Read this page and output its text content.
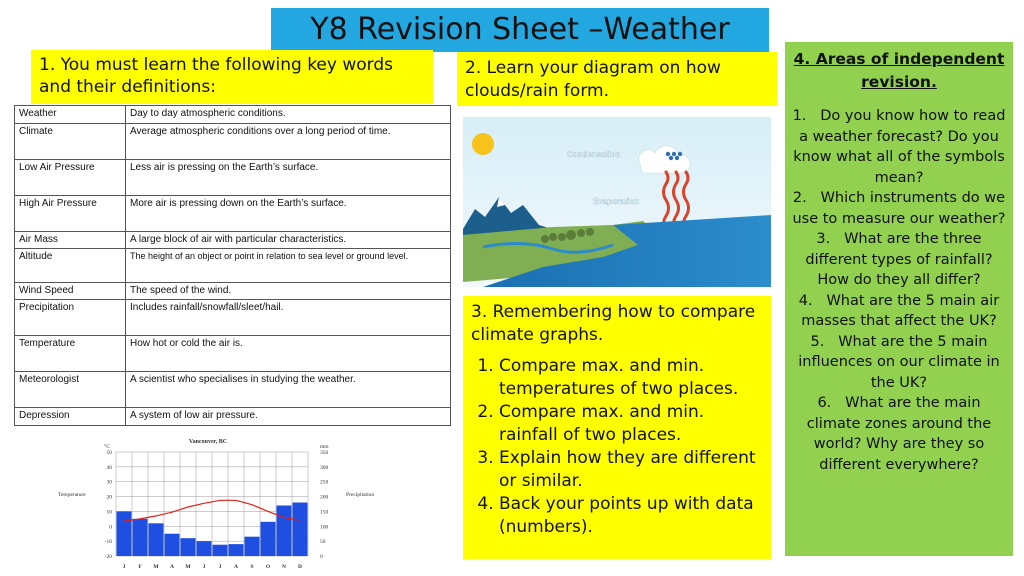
Y8 Revision Sheet –Weather
1. You must learn the following key words and their definitions:
Weather	Day to day atmospheric conditions.
Climate	Average atmospheric conditions over a long period of time.
Low Air Pressure	Less air is pressing on the Earth’s surface.
High Air Pressure	More air is pressing down on the Earth’s surface.
Air Mass	A large block of air with particular characteristics.
Altitude	The height of an object or point in relation to sea level or ground level.
Wind Speed	The speed of the wind.
Precipitation	Includes rainfall/snowfall/sleet/hail.
Temperature	How hot or cold the air is.
Meteorologist	A scientist who specialises in studying the weather.
Depression	A system of low air pressure.
2. Learn your diagram on how clouds/rain form.
Condensation
Evaporation
3. Remembering how to compare climate graphs.
1. Compare max. and min. temperatures of two places.
2. Compare max. and min. rainfall of two places.
3. Explain how they are different or similar.
4. Back your points up with data (numbers).
4. Areas of independent revision.
1.   Do you know how to read a weather forecast? Do you know what all of the symbols mean?
2.   Which instruments do we use to measure our weather?
3.   What are the three different types of rainfall? How do they all differ?
4.   What are the 5 main air masses that affect the UK?
5.   What are the 5 main influences on our climate in the UK?
6.   What are the main climate zones around the world? Why are they so different everywhere?
Vancouver, BC
50
40
30
20
10
0
-10
-20
350
300
250
200
150
100
50
0
°C	mm
Temperature	Precipitation
J F M A M J J A S O N D
